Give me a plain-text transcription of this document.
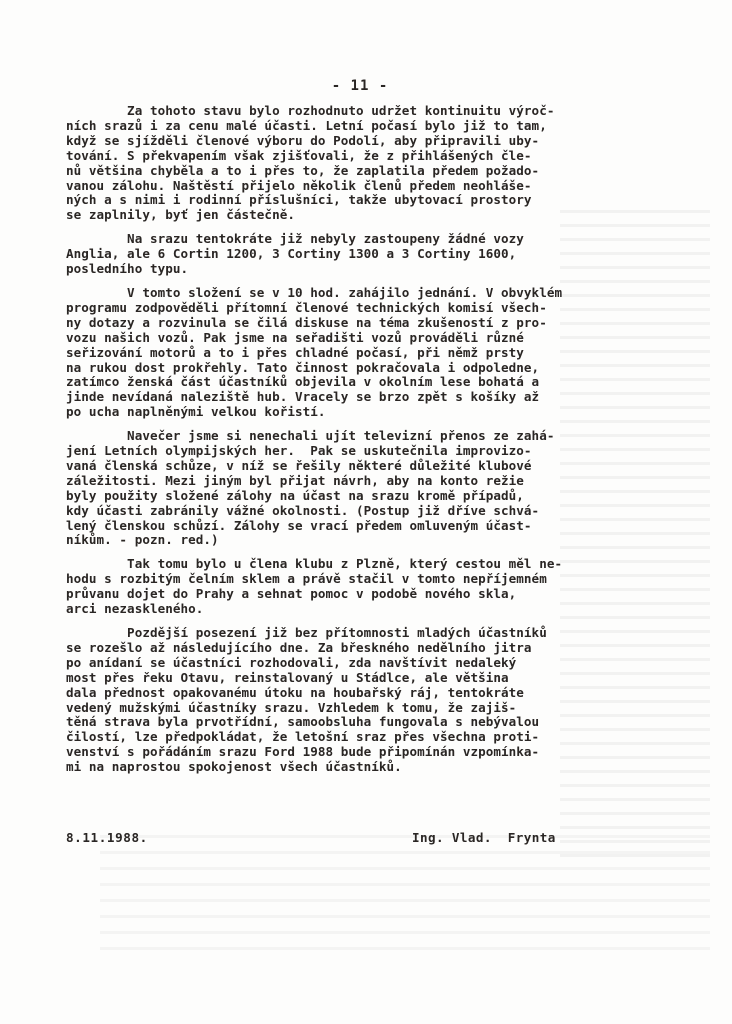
- 11 -

Za tohoto stavu bylo rozhodnuto udržet kontinuitu výroč-
ních srazů i za cenu malé účasti. Letní počasí bylo již to tam,
když se sjížděli členové výboru do Podolí, aby připravili uby-
tování. S překvapením však zjišťovali, že z přihlášených čle-
nů většina chyběla a to i přes to, že zaplatila předem požado-
vanou zálohu. Naštěstí přijelo několik členů předem neohláše-
ných a s nimi i rodinní příslušníci, takže ubytovací prostory
se zaplnily, byť jen částečně.
Na srazu tentokráte již nebyly zastoupeny žádné vozy
Anglia, ale 6 Cortin 1200, 3 Cortiny 1300 a 3 Cortiny 1600,
posledního typu.
V tomto složení se v 10 hod. zahájilo jednání. V obvyklém
programu zodpověděli přítomní členové technických komisí všech-
ny dotazy a rozvinula se čilá diskuse na téma zkušeností z pro-
vozu našich vozů. Pak jsme na seřadišti vozů prováděli různé
seřizování motorů a to i přes chladné počasí, při němž prsty
na rukou dost prokřehly. Tato činnost pokračovala i odpoledne,
zatímco ženská část účastníků objevila v okolním lese bohatá a
jinde nevídaná naleziště hub. Vracely se brzo zpět s košíky až
po ucha naplněnými velkou kořistí.
Navečer jsme si nenechali ujít televizní přenos ze zahá-
jení Letních olympijských her.  Pak se uskutečnila improvizo-
vaná členská schůze, v níž se řešily některé důležité klubové
záležitosti. Mezi jiným byl přijat návrh, aby na konto režie
byly použity složené zálohy na účast na srazu kromě případů,
kdy účasti zabránily vážné okolnosti. (Postup již dříve schvá-
lený členskou schůzí. Zálohy se vrací předem omluveným účast-
níkům. - pozn. red.)
Tak tomu bylo u člena klubu z Plzně, který cestou měl ne-
hodu s rozbitým čelním sklem a právě stačil v tomto nepříjemném
průvanu dojet do Prahy a sehnat pomoc v podobě nového skla,
arci nezaskleného.
Pozdější posezení již bez přítomnosti mladých účastníků
se rozešlo až následujícího dne. Za břeskného nedělního jitra
po anídaní se účastníci rozhodovali, zda navštívit nedaleký
most přes řeku Otavu, reinstalovaný u Stádlce, ale většina
dala přednost opakovanému útoku na houbařský ráj, tentokráte
vedený mužskými účastníky srazu. Vzhledem k tomu, že zajiš-
těná strava byla prvotřídní, samoobsluha fungovala s nebývalou
čilostí, lze předpokládat, že letošní sraz přes všechna proti-
venství s pořádáním srazu Ford 1988 bude připomínán vzpomínka-
mi na naprostou spokojenost všech účastníků.
8.11.1988.	Ing. Vlad.  Frynta
